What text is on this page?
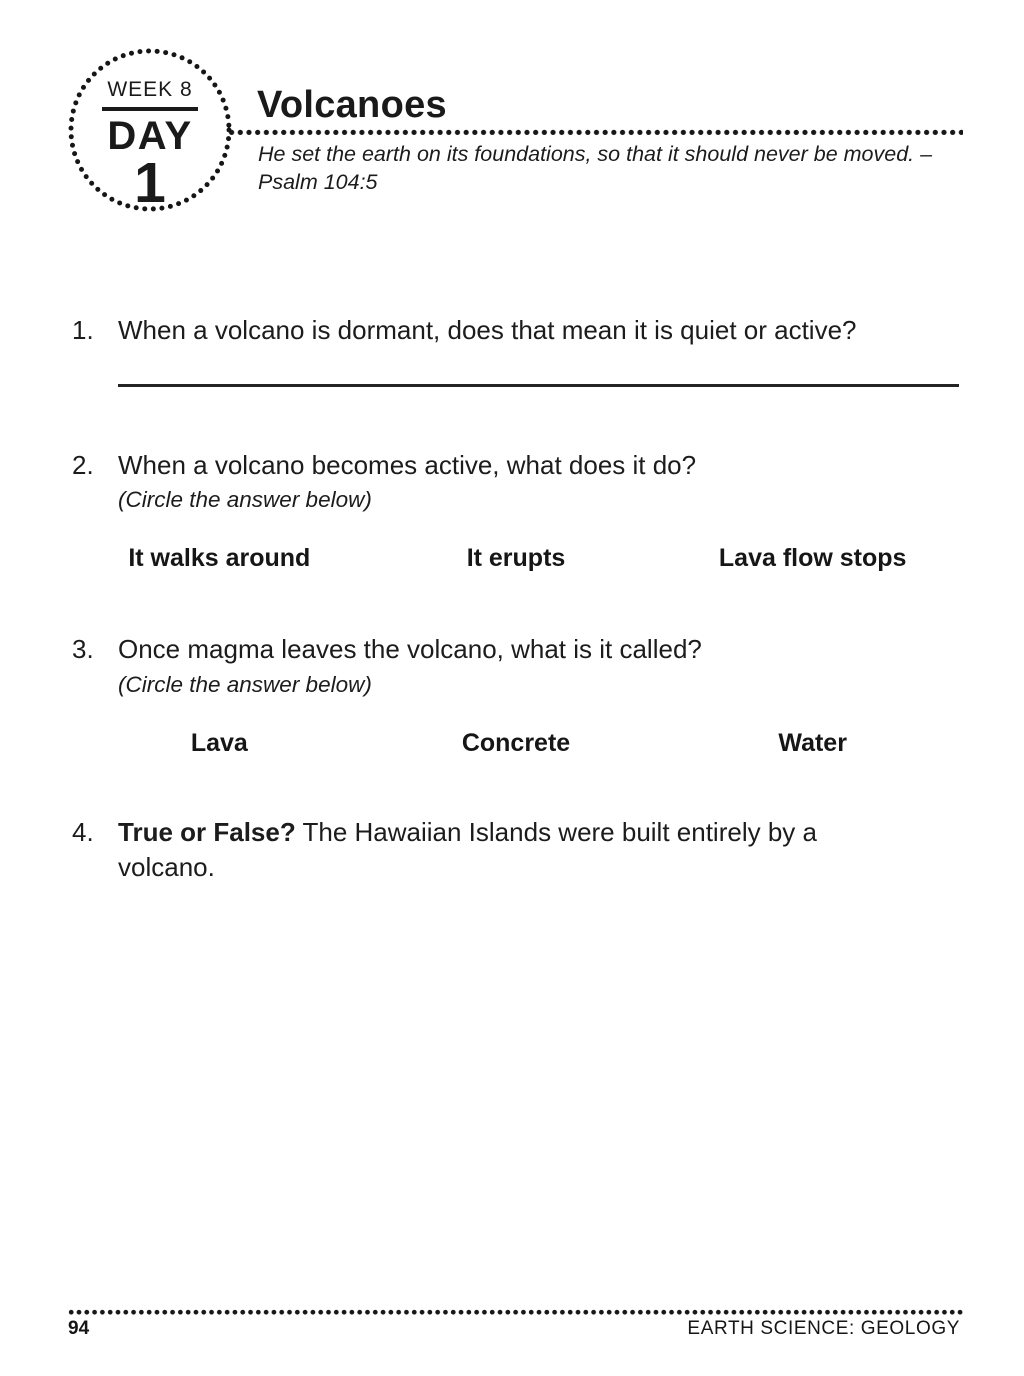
WEEK 8
DAY
1
Volcanoes
He set the earth on its foundations, so that it should never be moved. –
Psalm 104:5
1. When a volcano is dormant, does that mean it is quiet or active?
2. When a volcano becomes active, what does it do?
(Circle the answer below)
It walks around	It erupts	Lava flow stops
3. Once magma leaves the volcano, what is it called?
(Circle the answer below)
Lava	Concrete	Water
4. True or False? The Hawaiian Islands were built entirely by a
volcano.
94	EARTH SCIENCE: GEOLOGY
